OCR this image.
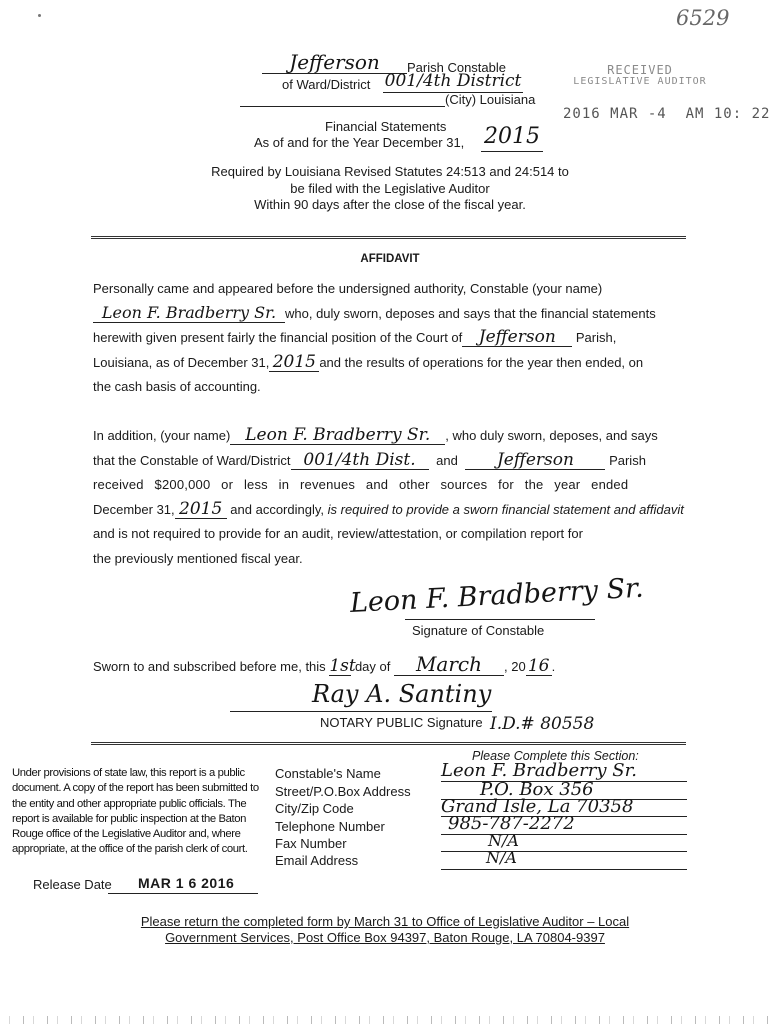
6529
RECEIVED
LEGISLATIVE AUDITOR
2016 MAR -4  AM 10: 22
Jefferson	Parish Constable
of Ward/District 001/4th District
(City) Louisiana
Financial Statements
As of and for the Year December 31, 2015
Required by Louisiana Revised Statutes 24:513 and 24:514 to
be filed with the Legislative Auditor
Within 90 days after the close of the fiscal year.
AFFIDAVIT
Personally came and appeared before the undersigned authority, Constable (your name)
Leon F. Bradberry Sr. who, duly sworn, deposes and says that the financial statements
herewith given present fairly the financial position of the Court of Jefferson Parish,
Louisiana, as of December 31, 2015 and the results of operations for the year then ended, on
the cash basis of accounting.
In addition, (your name) Leon F. Bradberry Sr. , who duly sworn, deposes, and says
that the Constable of Ward/District 001/4th Dist. and Jefferson	Parish
received $200,000 or less in revenues and other sources for the year ended
December 31, 2015 and accordingly, is required to provide a sworn financial statement and affidavit
and is not required to provide for an audit, review/attestation, or compilation report for
the previously mentioned fiscal year.
Leon F. Bradberry Sr.
Signature of Constable
Sworn to and subscribed before me, this 1st day of March , 20 16 .
Ray A. Santiny
NOTARY PUBLIC Signature I.D.# 80558
Please Complete this Section:
Under provisions of state law, this report is a public
document. A copy of the report has been submitted to
the entity and other appropriate public officials. The
report is available for public inspection at the Baton
Rouge office of the Legislative Auditor and, where
appropriate, at the office of the parish clerk of court.
Constable's Name
Street/P.O.Box Address
City/Zip Code
Telephone Number
Fax Number
Email Address
Leon F. Bradberry Sr.
P.O. Box 356
Grand Isle, La 70358
985-787-2272
N/A
N/A
Release Date MAR 1 6 2016
Please return the completed form by March 31 to Office of Legislative Auditor – Local
Government Services, Post Office Box 94397, Baton Rouge, LA 70804-9397
